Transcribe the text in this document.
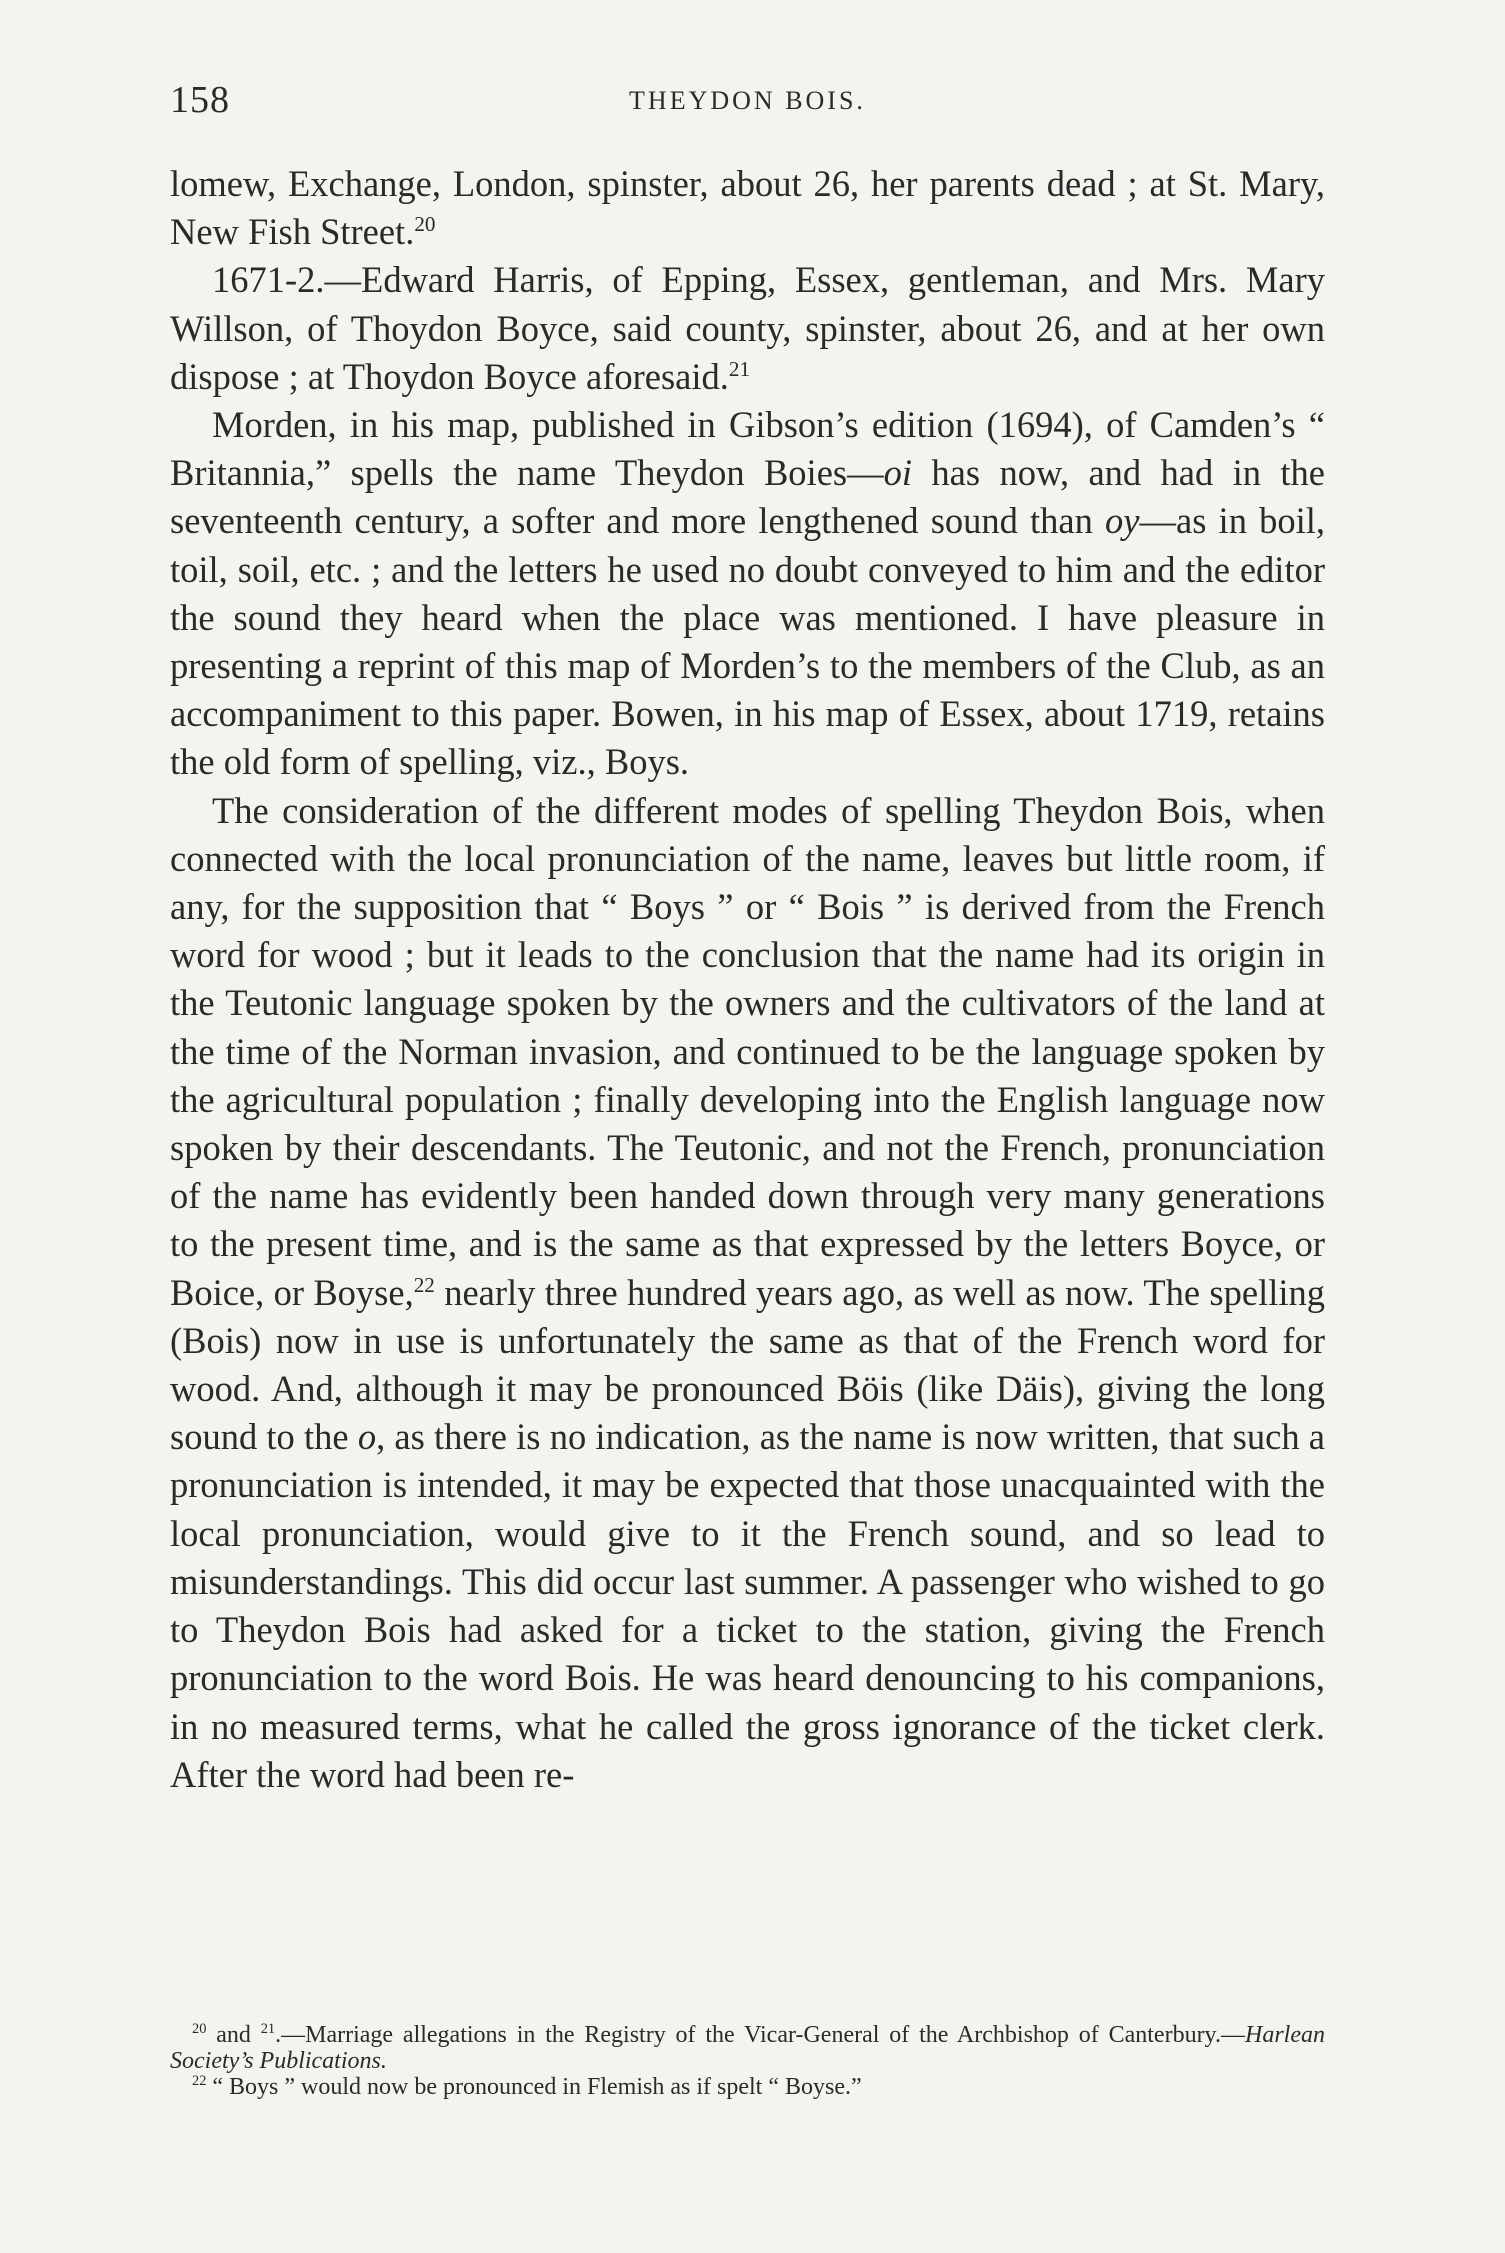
158	THEYDON BOIS.

lomew, Exchange, London, spinster, about 26, her parents dead ; at St. Mary, New Fish Street.$^{20}$

1671-2.—Edward Harris, of Epping, Essex, gentleman, and Mrs. Mary Willson, of Thoydon Boyce, said county, spinster, about 26, and at her own dispose ; at Thoydon Boyce aforesaid.$^{21}$

Morden, in his map, published in Gibson’s edition (1694), of Camden’s “ Britannia,” spells the name Theydon Boies—oi has now, and had in the seventeenth century, a softer and more lengthened sound than oy—as in boil, toil, soil, etc. ; and the letters he used no doubt conveyed to him and the editor the sound they heard when the place was mentioned. I have pleasure in presenting a reprint of this map of Morden’s to the members of the Club, as an accompaniment to this paper. Bowen, in his map of Essex, about 1719, retains the old form of spelling, viz., Boys.

The consideration of the different modes of spelling Theydon Bois, when connected with the local pronunciation of the name, leaves but little room, if any, for the supposition that “ Boys ” or “ Bois ” is derived from the French word for wood ; but it leads to the conclusion that the name had its origin in the Teutonic language spoken by the owners and the cultivators of the land at the time of the Norman invasion, and continued to be the language spoken by the agricultural population ; finally developing into the English language now spoken by their descendants. The Teutonic, and not the French, pronunciation of the name has evidently been handed down through very many generations to the present time, and is the same as that expressed by the letters Boyce, or Boice, or Boyse,$^{22}$ nearly three hundred years ago, as well as now. The spelling (Bois) now in use is unfortunately the same as that of the French word for wood. And, although it may be pronounced Böis (like Däis), giving the long sound to the o, as there is no indication, as the name is now written, that such a pronunciation is intended, it may be expected that those unacquainted with the local pronunciation, would give to it the French sound, and so lead to misunderstandings. This did occur last summer. A passenger who wished to go to Theydon Bois had asked for a ticket to the station, giving the French pronunciation to the word Bois. He was heard denouncing to his companions, in no measured terms, what he called the gross ignorance of the ticket clerk. After the word had been re-

$^{20}$ and $^{21}$.—Marriage allegations in the Registry of the Vicar-General of the Archbishop of Canterbury.—Harlean Society’s Publications.

$^{22}$ “ Boys ” would now be pronounced in Flemish as if spelt “ Boyse.”
